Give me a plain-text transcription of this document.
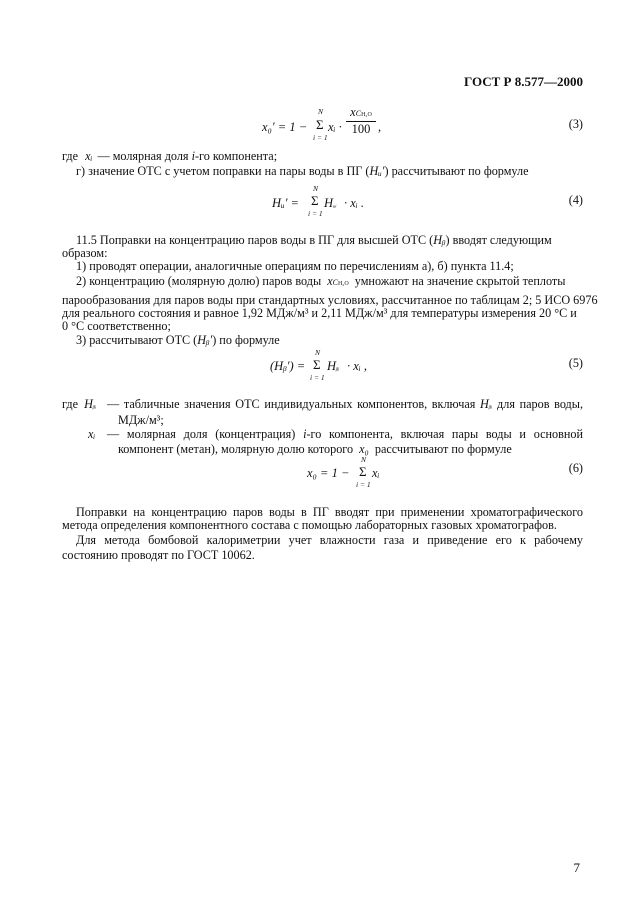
ГОСТ Р 8.577—2000
x₀′ = 1 −
N
Σ
i = 1
xᵢ ·
xCH₂O
100 ,	(3)
где xᵢ — молярная доля i-го компонента;
г) значение ОТС с учетом поправки на пары воды в ПГ (Hᵤ′) рассчитывают по формуле
Hᵤ′ =
N
Σ
i = 1
Hᵤᵢ · xᵢ .	(4)
11.5 Поправки на концентрацию паров воды в ПГ для высшей ОТС (Hᵦ) вводят следующим
образом:
1) проводят операции, аналогичные операциям по перечислениям а), б) пункта 11.4;
2) концентрацию (молярную долю) паров воды xCH₂O умножают на значение скрытой теплоты
парообразования для паров воды при стандартных условиях, рассчитанное по таблицам 2; 5 ИСО 6976
для реального состояния и равное 1,92 МДж/м³ и 2,11 МДж/м³ для температуры измерения 20 °С и
0 °С соответственно;
3) рассчитывают ОТС (Hᵦ′) по формуле
(Hᵦ′) =
N
Σ
i = 1
Hᵦᵢ · xᵢ ,	(5)
где Hᵦᵢ — табличные значения ОТС индивидуальных компонентов, включая Hᵦᵢ для паров воды,
МДж/м³;
xᵢ — молярная доля (концентрация) i-го компонента, включая пары воды и основной
компонент (метан), молярную долю которого x₀ рассчитывают по формуле
x₀ = 1 −
N
Σ
i = 1
xᵢ	(6)
Поправки на концентрацию паров воды в ПГ вводят при применении хроматографического
метода определения компонентного состава с помощью лабораторных газовых хроматографов.
Для метода бомбовой калориметрии учет влажности газа и приведение его к рабочему
состоянию проводят по ГОСТ 10062.
7
